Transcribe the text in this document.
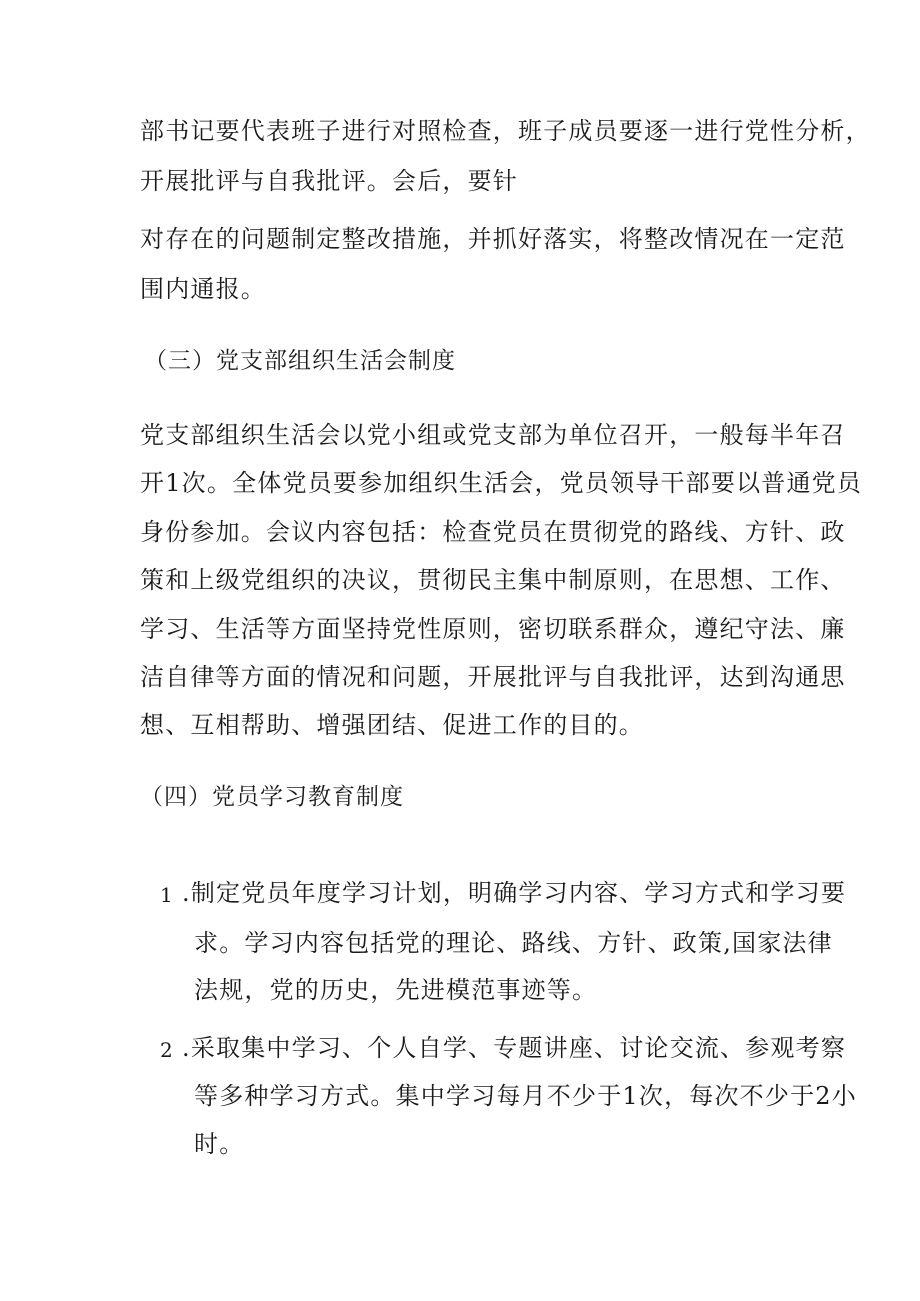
部书记要代表班子进行对照检查，班子成员要逐一进行党性分析，
开展批评与自我批评。会后，要针
对存在的问题制定整改措施，并抓好落实，将整改情况在一定范
围内通报。
（三）党支部组织生活会制度
党支部组织生活会以党小组或党支部为单位召开，一般每半年召
开1次。全体党员要参加组织生活会，党员领导干部要以普通党员
身份参加。会议内容包括：检查党员在贯彻党的路线、方针、政
策和上级党组织的决议，贯彻民主集中制原则，在思想、工作、
学习、生活等方面坚持党性原则，密切联系群众，遵纪守法、廉
洁自律等方面的情况和问题，开展批评与自我批评，达到沟通思
想、互相帮助、增强团结、促进工作的目的。
（四）党员学习教育制度
1 .制定党员年度学习计划，明确学习内容、学习方式和学习要
求。学习内容包括党的理论、路线、方针、政策,国家法律
法规，党的历史，先进模范事迹等。
2 .采取集中学习、个人自学、专题讲座、讨论交流、参观考察
等多种学习方式。集中学习每月不少于1次，每次不少于2小
时。
